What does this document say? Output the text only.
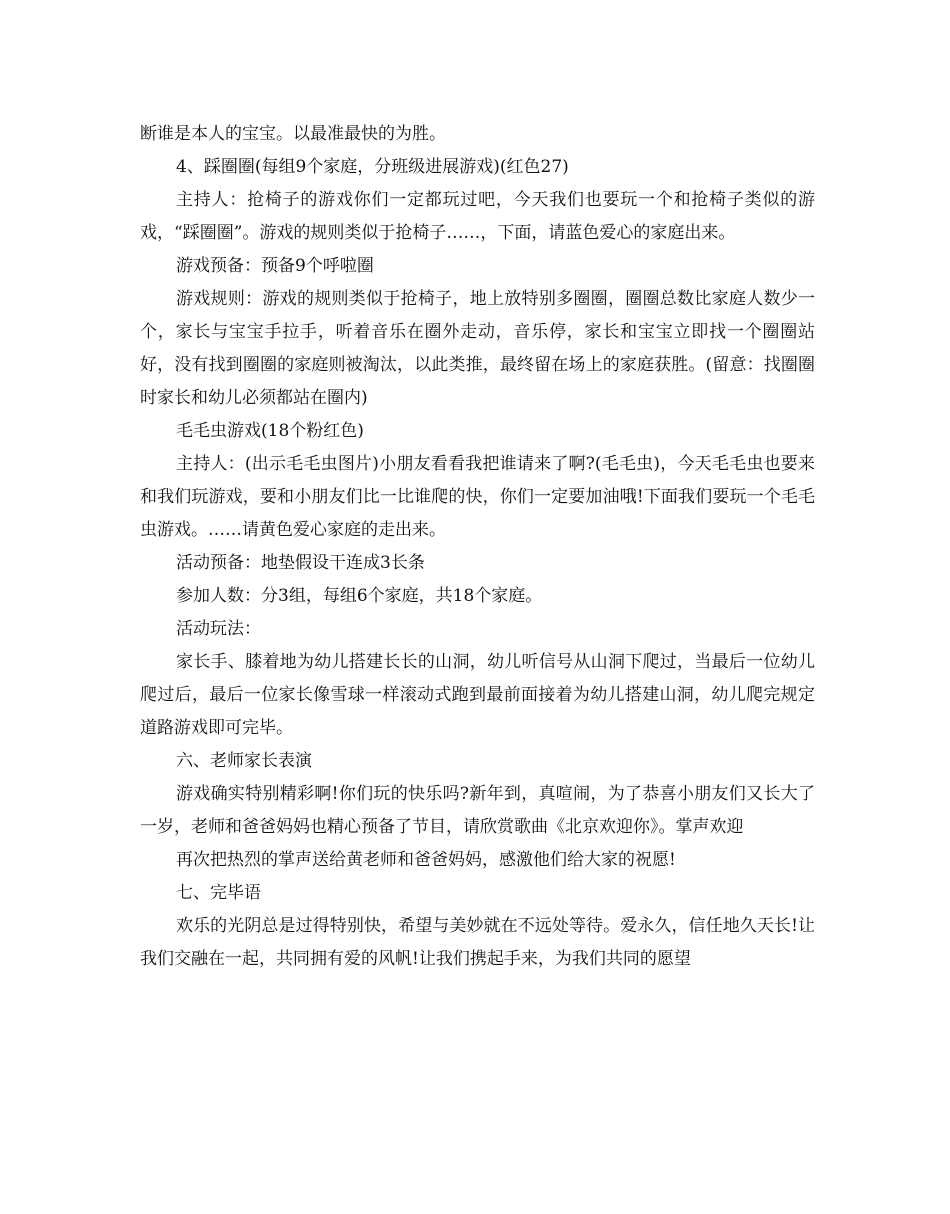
断谁是本人的宝宝。以最准最快的为胜。

4、踩圈圈(每组9个家庭，分班级进展游戏)(红色27)

主持人：抢椅子的游戏你们一定都玩过吧，今天我们也要玩一个和抢椅子类似的游戏，“踩圈圈”。游戏的规则类似于抢椅子……，下面，请蓝色爱心的家庭出来。

游戏预备：预备9个呼啦圈

游戏规则：游戏的规则类似于抢椅子，地上放特别多圈圈，圈圈总数比家庭人数少一个，家长与宝宝手拉手，听着音乐在圈外走动，音乐停，家长和宝宝立即找一个圈圈站好，没有找到圈圈的家庭则被淘汰，以此类推，最终留在场上的家庭获胜。(留意：找圈圈时家长和幼儿必须都站在圈内)

毛毛虫游戏(18个粉红色)

主持人：(出示毛毛虫图片)小朋友看看我把谁请来了啊?(毛毛虫)，今天毛毛虫也要来和我们玩游戏，要和小朋友们比一比谁爬的快，你们一定要加油哦!下面我们要玩一个毛毛虫游戏。……请黄色爱心家庭的走出来。

活动预备：地垫假设干连成3长条

参加人数：分3组，每组6个家庭，共18个家庭。

活动玩法：

家长手、膝着地为幼儿搭建长长的山洞，幼儿听信号从山洞下爬过，当最后一位幼儿爬过后，最后一位家长像雪球一样滚动式跑到最前面接着为幼儿搭建山洞，幼儿爬完规定道路游戏即可完毕。

六、老师家长表演

游戏确实特别精彩啊!你们玩的快乐吗?新年到，真喧闹，为了恭喜小朋友们又长大了一岁，老师和爸爸妈妈也精心预备了节目，请欣赏歌曲《北京欢迎你》。掌声欢迎

再次把热烈的掌声送给黄老师和爸爸妈妈，感激他们给大家的祝愿!

七、完毕语

欢乐的光阴总是过得特别快，希望与美妙就在不远处等待。爱永久，信任地久天长!让我们交融在一起，共同拥有爱的风帆!让我们携起手来，为我们共同的愿望
